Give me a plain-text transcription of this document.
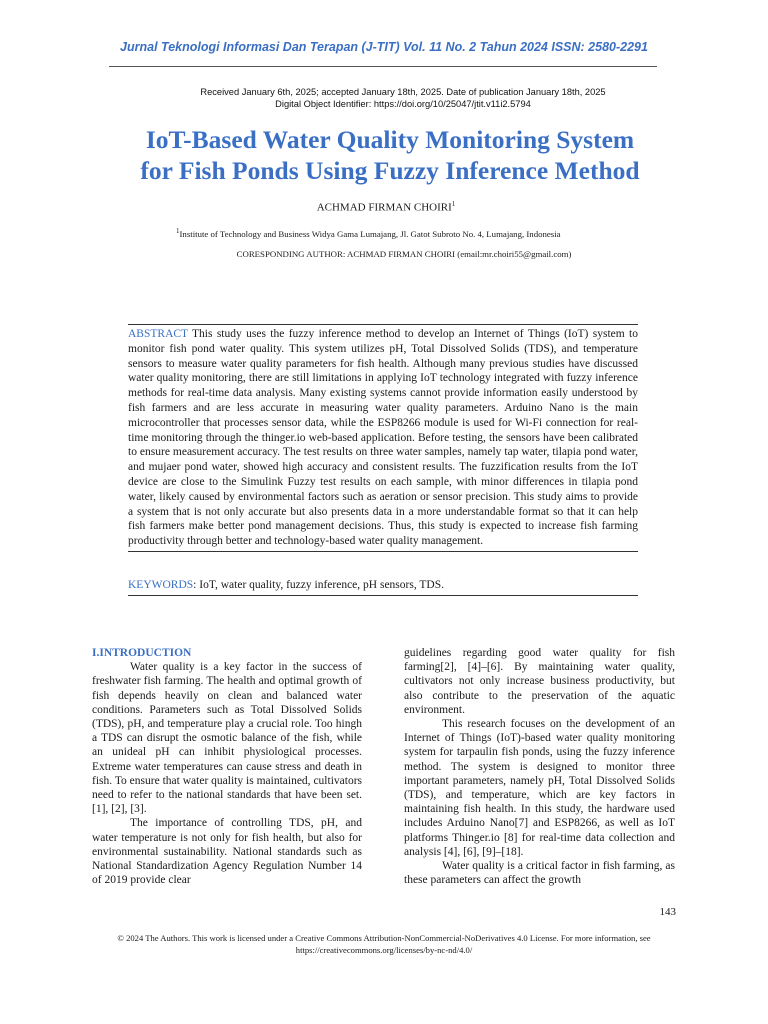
Jurnal Teknologi Informasi Dan Terapan (J-TIT) Vol. 11 No. 2 Tahun 2024 ISSN: 2580-2291
Received January 6th, 2025; accepted January 18th, 2025. Date of publication January 18th, 2025
Digital Object Identifier: https://doi.org/10/25047/jtit.v11i2.5794
IoT-Based Water Quality Monitoring System
for Fish Ponds Using Fuzzy Inference Method
ACHMAD FIRMAN CHOIRI$^1$
$^1$Institute of Technology and Business Widya Gama Lumajang, Jl. Gatot Subroto No. 4, Lumajang, Indonesia
CORESPONDING AUTHOR: ACHMAD FIRMAN CHOIRI (email:mr.choiri55@gmail.com)

ABSTRACT This study uses the fuzzy inference method to develop an Internet of Things (IoT) system to monitor fish pond water quality. This system utilizes pH, Total Dissolved Solids (TDS), and temperature sensors to measure water quality parameters for fish health. Although many previous studies have discussed water quality monitoring, there are still limitations in applying IoT technology integrated with fuzzy inference methods for real-time data analysis. Many existing systems cannot provide information easily understood by fish farmers and are less accurate in measuring water quality parameters. Arduino Nano is the main microcontroller that processes sensor data, while the ESP8266 module is used for Wi-Fi connection for real-time monitoring through the thinger.io web-based application. Before testing, the sensors have been calibrated to ensure measurement accuracy. The test results on three water samples, namely tap water, tilapia pond water, and mujaer pond water, showed high accuracy and consistent results. The fuzzification results from the IoT device are close to the Simulink Fuzzy test results on each sample, with minor differences in tilapia pond water, likely caused by environmental factors such as aeration or sensor precision. This study aims to provide a system that is not only accurate but also presents data in a more understandable format so that it can help fish farmers make better pond management decisions. Thus, this study is expected to increase fish farming productivity through better and technology-based water quality management.

KEYWORDS: IoT, water quality, fuzzy inference, pH sensors, TDS.
I.INTRODUCTION

Water quality is a key factor in the success of freshwater fish farming. The health and optimal growth of fish depends heavily on clean and balanced water conditions. Parameters such as Total Dissolved Solids (TDS), pH, and temperature play a crucial role. Too hingh a TDS can disrupt the osmotic balance of the fish, while an unideal pH can inhibit physiological processes. Extreme water temperatures can cause stress and death in fish. To ensure that water quality is maintained, cultivators need to refer to the national standards that have been set.[1], [2], [3].

The importance of controlling TDS, pH, and water temperature is not only for fish health, but also for environmental sustainability. National standards such as National Standardization Agency Regulation Number 14 of 2019 provide clear

guidelines regarding good water quality for fish farming[2], [4]–[6]. By maintaining water quality, cultivators not only increase business productivity, but also contribute to the preservation of the aquatic environment.

This research focuses on the development of an Internet of Things (IoT)-based water quality monitoring system for tarpaulin fish ponds, using the fuzzy inference method. The system is designed to monitor three important parameters, namely pH, Total Dissolved Solids (TDS), and temperature, which are key factors in maintaining fish health. In this study, the hardware used includes Arduino Nano[7] and ESP8266, as well as IoT platforms Thinger.io [8] for real-time data collection and analysis [4], [6], [9]–[18].

Water quality is a critical factor in fish farming, as these parameters can affect the growth

143
© 2024 The Authors. This work is licensed under a Creative Commons Attribution-NonCommercial-NoDerivatives 4.0 License. For more information, see https://creativecommons.org/licenses/by-nc-nd/4.0/
